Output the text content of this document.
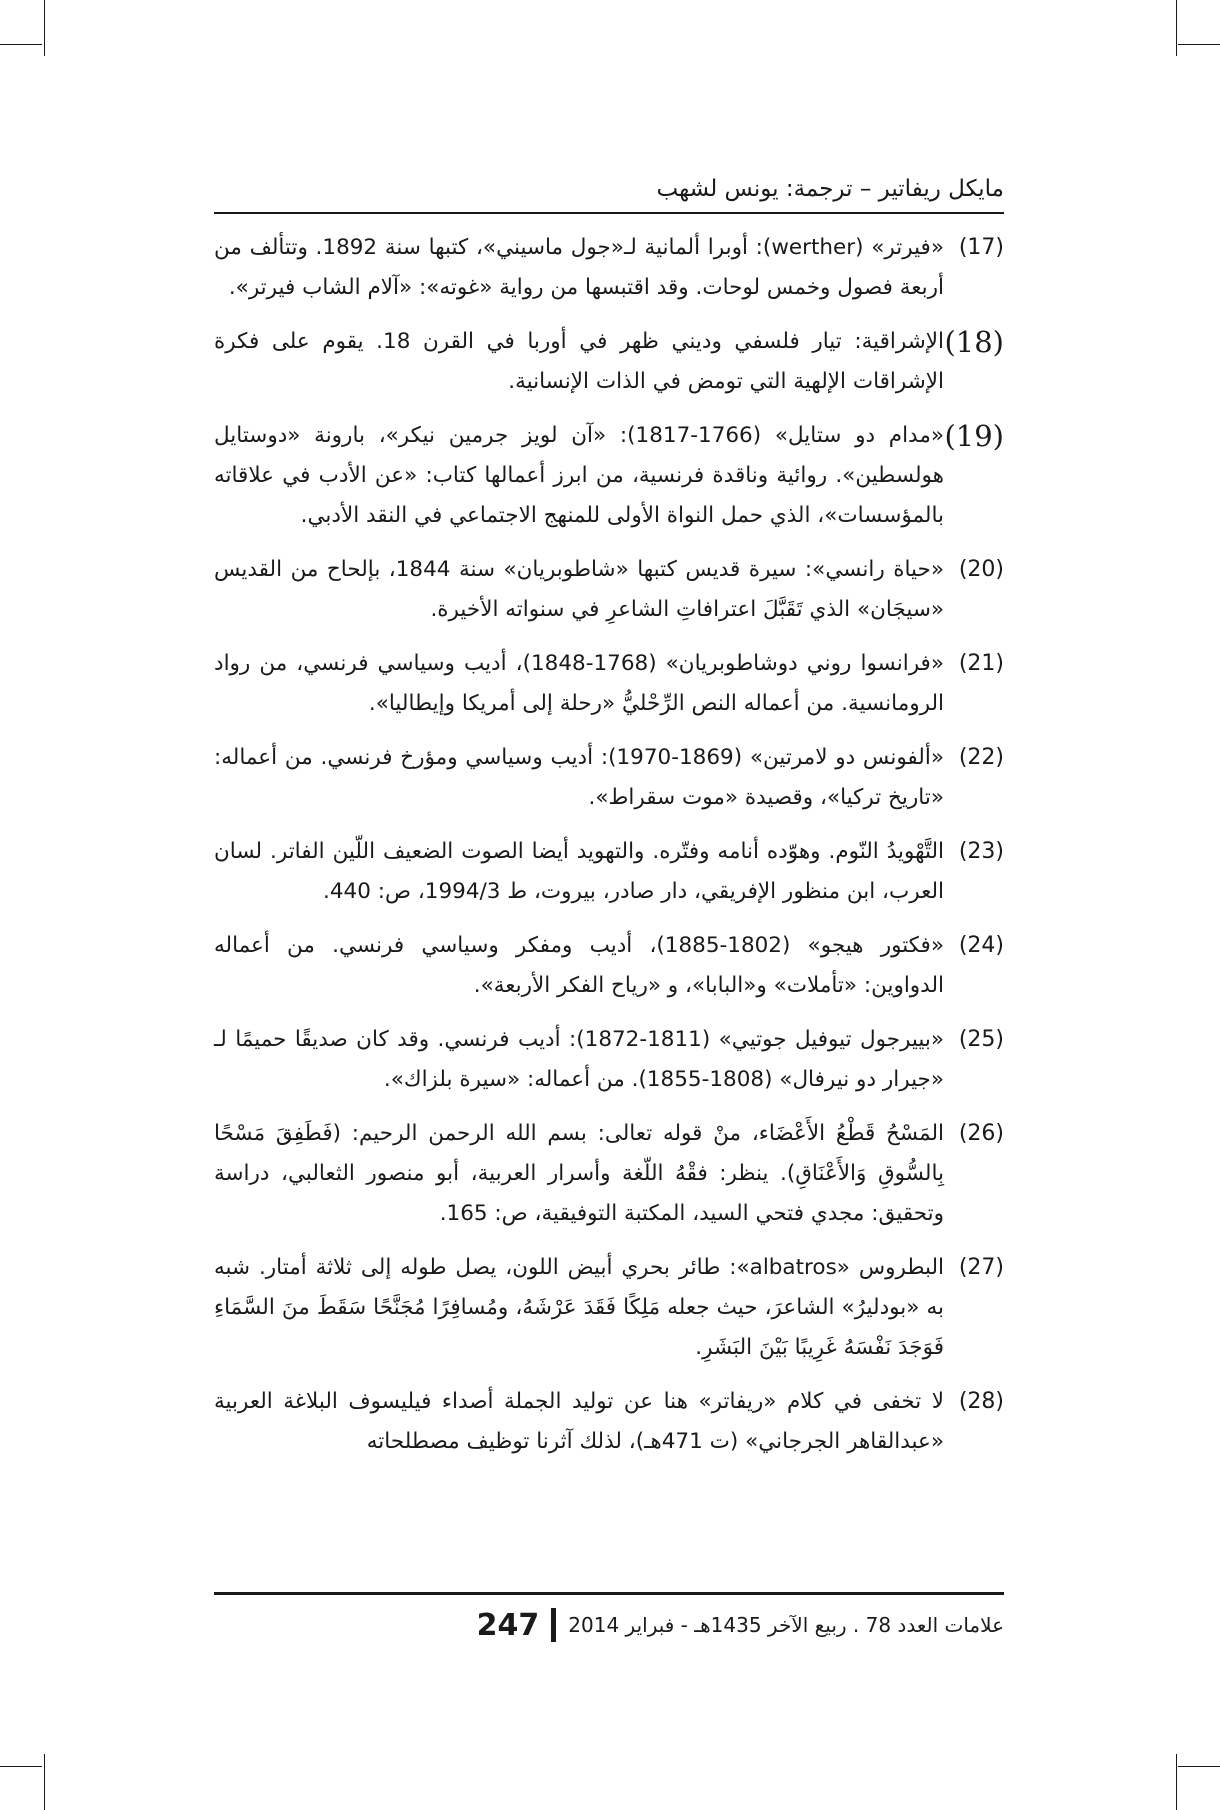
مايكل ريفاتير – ترجمة: يونس لشهب
(17)
«فيرتر» (werther): أوبرا ألمانية لـ«جول ماسيني»، كتبها سنة 1892. وتتألف من أربعة فصول وخمس لوحات. وقد اقتبسها من رواية «غوته»: «آلام الشاب فيرتر».
(18)
الإشراقية: تيار فلسفي وديني ظهر في أوربا في القرن 18. يقوم على فكرة الإشراقات الإلهية التي تومض في الذات الإنسانية.
(19)
«مدام دو ستايل» (1766-1817): «آن لويز جرمين نيكر»، بارونة «دوستايل هولسطين». روائية وناقدة فرنسية، من ابرز أعمالها كتاب: «عن الأدب في علاقاته بالمؤسسات»، الذي حمل النواة الأولى للمنهج الاجتماعي في النقد الأدبي.
(20)
«حياة رانسي»: سيرة قديس كتبها «شاطوبريان» سنة 1844، بإلحاح من القديس «سيجَان» الذي تَقَبَّلَ اعترافاتِ الشاعرِ في سنواته الأخيرة.
(21)
«فرانسوا روني دوشاطوبريان» (1768-1848)، أديب وسياسي فرنسي، من رواد الرومانسية. من أعماله النص الرِّحْليُّ «رحلة إلى أمريكا وإيطاليا».
(22)
«ألفونس دو لامرتين» (1869-1970): أديب وسياسي ومؤرخ فرنسي. من أعماله: «تاريخ تركيا»، وقصيدة «موت سقراط».
(23)
التَّهْويدُ النّوم. وهوّده أنامه وفتّره. والتهويد أيضا الصوت الضعيف اللّين الفاتر. لسان العرب، ابن منظور الإفريقي، دار صادر، بيروت، ط 1994/3، ص: 440.
(24)
«فكتور هيجو» (1802-1885)، أديب ومفكر وسياسي فرنسي. من أعماله الدواوين: «تأملات» و«البابا»، و «رياح الفكر الأربعة».
(25)
«بييرجول تيوفيل جوتيي» (1811-1872): أديب فرنسي. وقد كان صديقًا حميمًا لـ «جيرار دو نيرفال» (1808-1855). من أعماله: «سيرة بلزاك».
(26)
المَسْحُ قَطْعُ الأَعْضَاء، منْ قوله تعالى: بسم الله الرحمن الرحيم: (فَطَفِقَ مَسْحًا بِالسُّوقِ وَالأَعْنَاقِ). ينظر: فقْهُ اللّغة وأسرار العربية، أبو منصور الثعالبي، دراسة وتحقيق: مجدي فتحي السيد، المكتبة التوفيقية، ص: 165.
(27)
البطروس «albatros»: طائر بحري أبيض اللون، يصل طوله إلى ثلاثة أمتار. شبه به «بودليرُ» الشاعرَ، حيث جعله مَلِكًا فَقَدَ عَرْشَهُ، ومُسافِرًا مُجَنَّحًا سَقَطَ منَ السَّمَاءِ فَوَجَدَ نَفْسَهُ غَرِيبًا بَيْنَ البَشَرِ.
(28)
لا تخفى في كلام «ريفاتر» هنا عن توليد الجملة أصداء فيليسوف البلاغة العربية «عبدالقاهر الجرجاني» (ت 471هـ)، لذلك آثرنا توظيف مصطلحاته
علامات العدد 78 . ربيع الآخر 1435هـ - فبراير 2014
247
